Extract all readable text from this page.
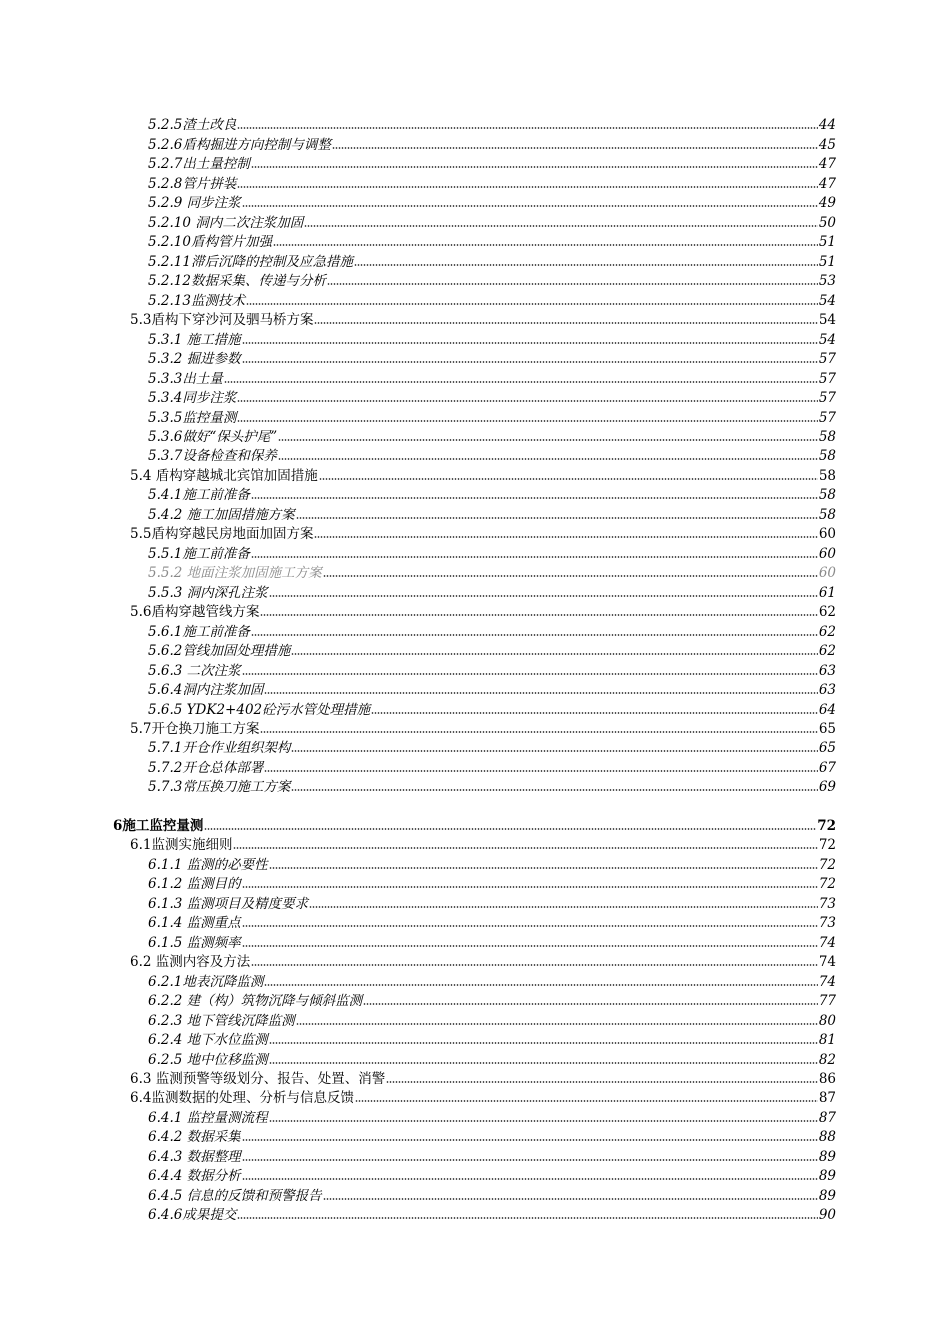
5.2.5渣土改良	44
5.2.6盾构掘进方向控制与调整	45
5.2.7出土量控制	47
5.2.8管片拼装	47
5.2.9 同步注浆	49
5.2.10 洞内二次注浆加固	50
5.2.10盾构管片加强	51
5.2.11滞后沉降的控制及应急措施	51
5.2.12数据采集、传递与分析	53
5.2.13监测技术	54
5.3盾构下穿沙河及驷马桥方案	54
5.3.1 施工措施	54
5.3.2 掘进参数	57
5.3.3出土量	57
5.3.4同步注浆	57
5.3.5监控量测	57
5.3.6做好“保头护尾”	58
5.3.7设备检查和保养	58
5.4 盾构穿越城北宾馆加固措施	58
5.4.1施工前准备	58
5.4.2 施工加固措施方案	58
5.5盾构穿越民房地面加固方案	60
5.5.1施工前准备	60
5.5.2 地面注浆加固施工方案	60
5.5.3 洞内深孔注浆	61
5.6盾构穿越管线方案	62
5.6.1施工前准备	62
5.6.2管线加固处理措施	62
5.6.3 二次注浆	63
5.6.4洞内注浆加固	63
5.6.5 YDK2+402砼污水管处理措施	64
5.7开仓换刀施工方案	65
5.7.1开仓作业组织架构	65
5.7.2开仓总体部署	67
5.7.3常压换刀施工方案	69
6施工监控量测	72
6.1监测实施细则	72
6.1.1 监测的必要性	72
6.1.2 监测目的	72
6.1.3 监测项目及精度要求	73
6.1.4 监测重点	73
6.1.5 监测频率	74
6.2 监测内容及方法	74
6.2.1地表沉降监测	74
6.2.2 建（构）筑物沉降与倾斜监测	77
6.2.3 地下管线沉降监测	80
6.2.4 地下水位监测	81
6.2.5 地中位移监测	82
6.3 监测预警等级划分、报告、处置、消警	86
6.4监测数据的处理、分析与信息反馈	87
6.4.1 监控量测流程	87
6.4.2 数据采集	88
6.4.3 数据整理	89
6.4.4 数据分析	89
6.4.5 信息的反馈和预警报告	89
6.4.6成果提交	90
